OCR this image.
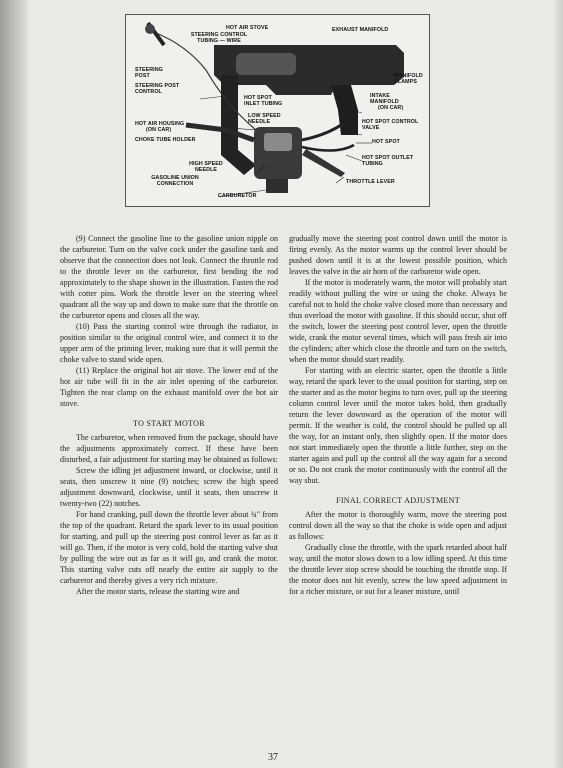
HOT AIR STOVE
STEERING CONTROL TUBING — WIRE
EXHAUST MANIFOLD
STEERING POST
STEERING POST CONTROL
MANIFOLD CLAMPS
HOT SPOT INLET TUBING
INTAKE MANIFOLD
(ON CAR)
LOW SPEED NEEDLE	HOT SPOT CONTROL VALVE
HOT AIR HOUSING
(ON CAR)
CHOKE TUBE HOLDER	HOT SPOT
HIGH SPEED NEEDLE
HOT SPOT OUTLET TUBING
GASOLINE UNION CONNECTION	THROTTLE LEVER
CARBURETOR

(9) Connect the gasoline line to the gasoline union nipple on the carburetor. Turn on the valve cock under the gasoline tank and observe that the connection does not leak. Connect the throttle rod to the throttle lever on the carburetor, first bending the rod approximately to the shape shown in the illustration. Fasten the rod with cotter pins. Work the throttle lever on the steering wheel quadrant all the way up and down to make sure that the throttle on the carburetor opens and closes all the way.

(10) Pass the starting control wire through the radiator, in position similar to the original control wire, and connect it to the upper arm of the priming lever, making sure that it will permit the choke valve to stand wide open.

(11) Replace the original hot air stove. The lower end of the hot air tube will fit in the air inlet opening of the carburetor. Tighten the rear clamp on the exhaust manifold over the hot air stove.

TO START MOTOR

The carburetor, when removed from the package, should have the adjustments approximately correct. If these have been disturbed, a fair adjustment for starting may be obtained as follows:

Screw the idling jet adjustment inward, or clockwise, until it seats, then unscrew it nine (9) notches; screw the high speed adjustment downward, clockwise, until it seats, then unscrew it twenty-two (22) notches.

For hand cranking, pull down the throttle lever about ¾" from the top of the quadrant. Retard the spark lever to its usual position for starting, and pull up the steering post control lever as far as it will go. Then, if the motor is very cold, hold the starting valve shut by pulling the wire out as far as it will go, and crank the motor. This starting valve cuts off nearly the entire air supply to the carburetor and thereby gives a very rich mixture.

After the motor starts, release the starting wire and

gradually move the steering post control down until the motor is firing evenly. As the motor warms up the control lever should be pushed down until it is at the lowest possible position, which leaves the valve in the air horn of the carburetor wide open.

If the motor is moderately warm, the motor will probably start readily without pulling the wire or using the choke. Always be careful not to hold the choke valve closed more than necessary and thus overload the motor with gasoline. If this should occur, shut off the switch, lower the steering post control lever, open the throttle wide, crank the motor several times, which will pass fresh air into the cylinders; after which close the throttle and turn on the switch, when the motor should start readily.

For starting with an electric starter, open the throttle a little way, retard the spark lever to the usual position for starting, step on the starter and as the motor begins to turn over, pull up the steering column control lever until the motor takes hold, then gradually return the lever downward as the operation of the motor will permit. If the weather is cold, the control should be pulled up all the way, for an instant only, then slightly open. If the motor does not start immediately open the throttle a little further, step on the starter again and pull up the control all the way again for a second or so. Do not crank the motor continuously with the control all the way shut.

FINAL CORRECT ADJUSTMENT

After the motor is thoroughly warm, move the steering post control down all the way so that the choke is wide open and adjust as follows:

Gradually close the throttle, with the spark retarded about half way, until the motor slows down to a low idling speed. At this time the throttle lever stop screw should be touching the throttle stop. If the motor does not hit evenly, screw the low speed adjustment in for a richer mixture, or out for a leaner mixture, until

37
